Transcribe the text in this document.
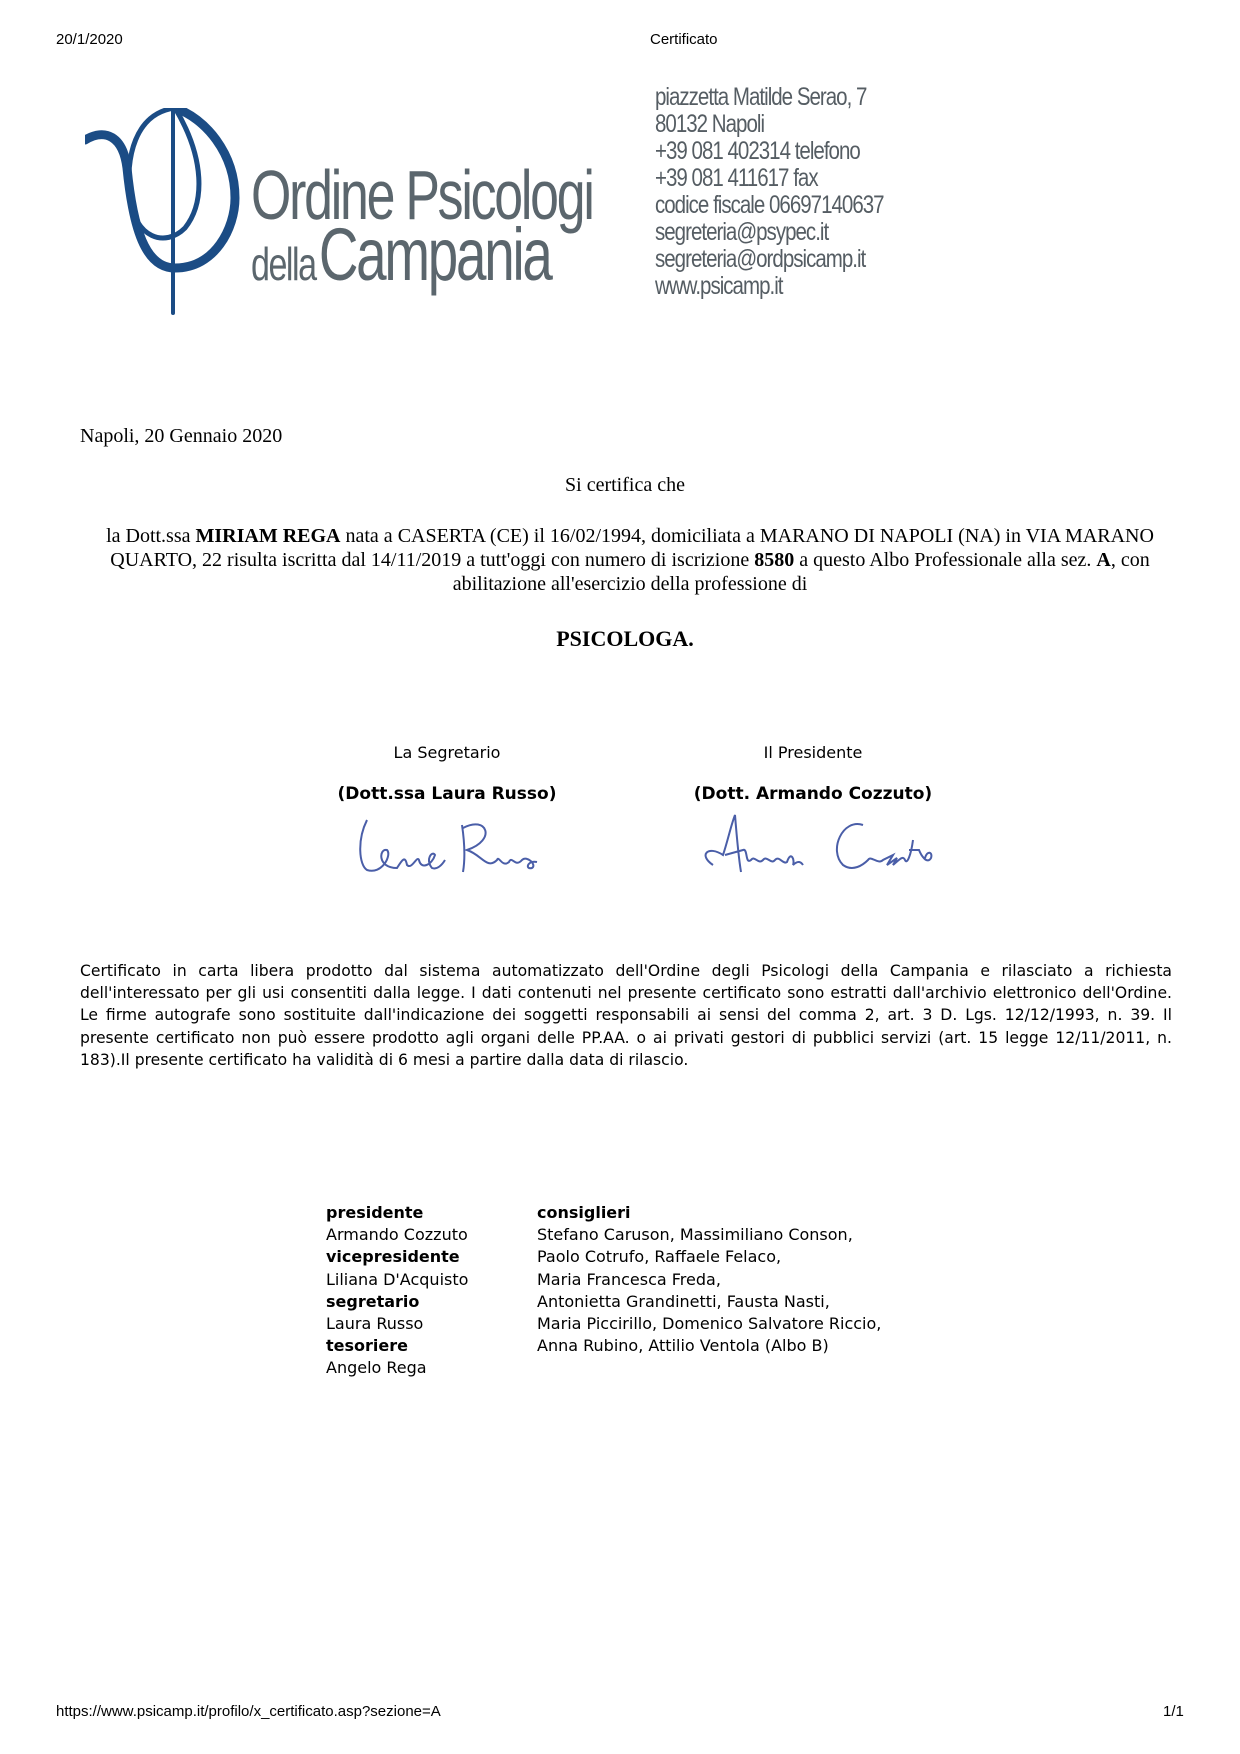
20/1/2020	Certificato
Ordine Psicologi
della Campania
piazzetta Matilde Serao, 7
80132 Napoli
+39 081 402314 telefono
+39 081 411617 fax
codice fiscale 06697140637
segreteria@psypec.it
segreteria@ordpsicamp.it
www.psicamp.it
Napoli, 20 Gennaio 2020
Si certifica che
la Dott.ssa MIRIAM REGA nata a CASERTA (CE) il 16/02/1994, domiciliata a MARANO DI NAPOLI (NA) in VIA MARANO QUARTO, 22 risulta iscritta dal 14/11/2019 a tutt'oggi con numero di iscrizione 8580 a questo Albo Professionale alla sez. A, con abilitazione all'esercizio della professione di
PSICOLOGA.
La Segretario
(Dott.ssa Laura Russo)
Il Presidente
(Dott. Armando Cozzuto)
Certificato in carta libera prodotto dal sistema automatizzato dell'Ordine degli Psicologi della Campania e rilasciato a richiesta dell'interessato per gli usi consentiti dalla legge. I dati contenuti nel presente certificato sono estratti dall'archivio elettronico dell'Ordine. Le firme autografe sono sostituite dall'indicazione dei soggetti responsabili ai sensi del comma 2, art. 3 D. Lgs. 12/12/1993, n. 39. Il presente certificato non può essere prodotto agli organi delle PP.AA. o ai privati gestori di pubblici servizi (art. 15 legge 12/11/2011, n. 183).Il presente certificato ha validità di 6 mesi a partire dalla data di rilascio.
presidente
Armando Cozzuto
vicepresidente
Liliana D'Acquisto
segretario
Laura Russo
tesoriere
Angelo Rega
consiglieri
Stefano Caruson, Massimiliano Conson,
Paolo Cotrufo, Raffaele Felaco,
Maria Francesca Freda,
Antonietta Grandinetti, Fausta Nasti,
Maria Piccirillo, Domenico Salvatore Riccio,
Anna Rubino, Attilio Ventola (Albo B)
https://www.psicamp.it/profilo/x_certificato.asp?sezione=A	1/1
